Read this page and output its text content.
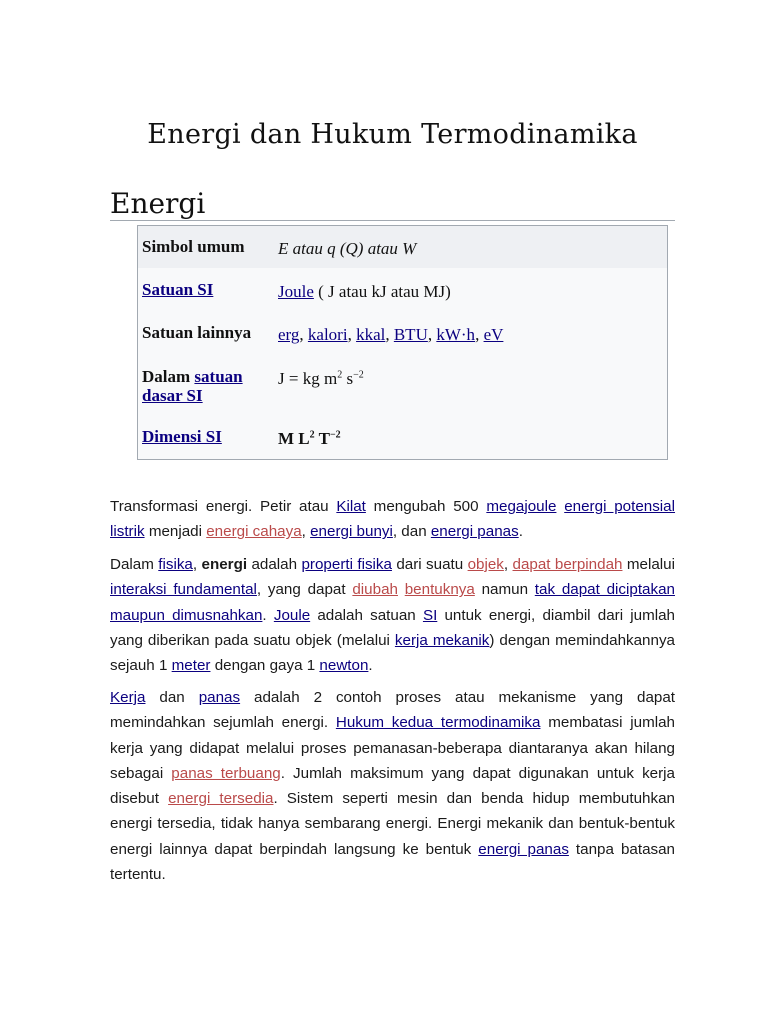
Energi dan Hukum Termodinamika
Energi
Simbol umum E atau q (Q) atau W
Satuan SI	Joule ( J atau kJ atau MJ)
Satuan lainnya erg, kalori, kkal, BTU, kW·h, eV
Dalam satuan dasar SI
J = kg $m^2$ $s^{-2}$
Dimensi SI	M $L^2$ $T^{-2}$

Transformasi energi. Petir atau Kilat mengubah 500 megajoule energi potensial listrik menjadi energi cahaya, energi bunyi, dan energi panas.

Dalam fisika, energi adalah properti fisika dari suatu objek, dapat berpindah melalui interaksi fundamental, yang dapat diubah bentuknya namun tak dapat diciptakan maupun dimusnahkan. Joule adalah satuan SI untuk energi, diambil dari jumlah yang diberikan pada suatu objek (melalui kerja mekanik) dengan memindahkannya sejauh 1 meter dengan gaya 1 newton.

Kerja dan panas adalah 2 contoh proses atau mekanisme yang dapat memindahkan sejumlah energi. Hukum kedua termodinamika membatasi jumlah kerja yang didapat melalui proses pemanasan-beberapa diantaranya akan hilang sebagai panas terbuang. Jumlah maksimum yang dapat digunakan untuk kerja disebut energi tersedia. Sistem seperti mesin dan benda hidup membutuhkan energi tersedia, tidak hanya sembarang energi. Energi mekanik dan bentuk-bentuk energi lainnya dapat berpindah langsung ke bentuk energi panas tanpa batasan tertentu.
